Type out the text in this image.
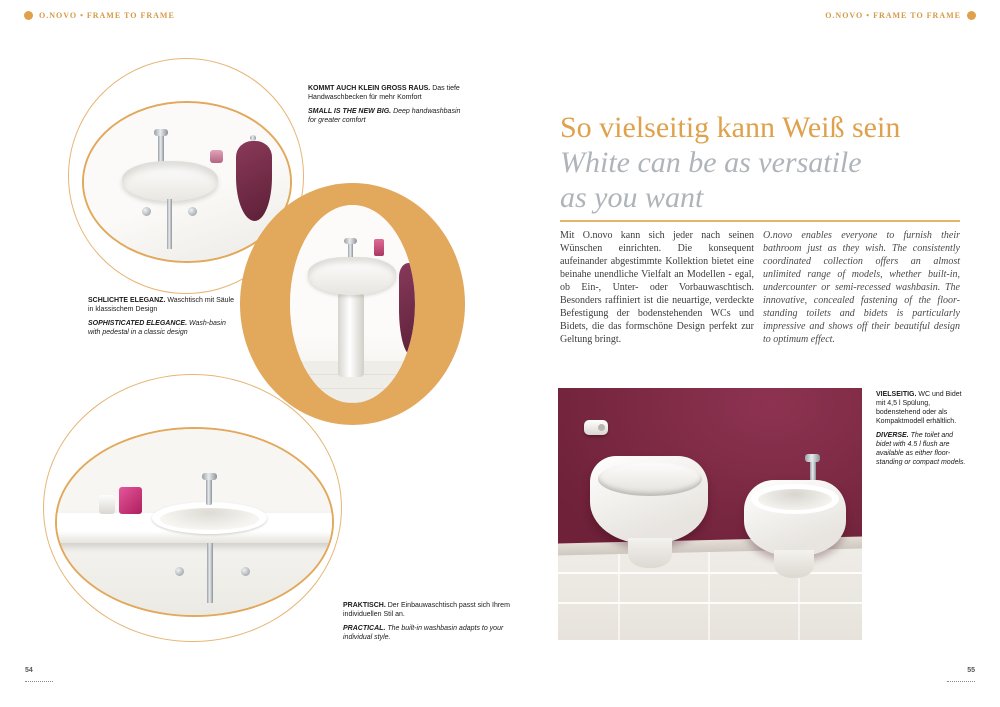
O.NOVO • FRAME TO FRAME	O.NOVO • FRAME TO FRAME

KOMMT AUCH KLEIN GROSS RAUS. Das tiefe Handwaschbecken für mehr Komfort

SMALL IS THE NEW BIG. Deep handwashbasin for greater comfort

SCHLICHTE ELEGANZ. Waschtisch mit Säule in klassischem Design

SOPHISTICATED ELEGANCE. Wash-basin with pedestal in a classic design

PRAKTISCH. Der Einbauwaschtisch passt sich Ihrem individuellen Stil an.

PRACTICAL. The built-in washbasin adapts to your individual style.

So vielseitig kann Weiß sein
White can be as versatile
as you want
Mit O.novo kann sich jeder nach seinen Wünschen einrichten. Die konsequent aufeinander abgestimmte Kollektion bietet eine beinahe unendliche Vielfalt an Modellen - egal, ob Ein-, Unter- oder Vorbauwaschtisch. Besonders raffiniert ist die neuartige, verdeckte Befestigung der bodenstehenden WCs und Bidets, die das formschöne Design perfekt zur Geltung bringt.
O.novo enables everyone to furnish their bathroom just as they wish. The consistently coordinated collection offers an almost unlimited range of models, whether built-in, undercounter or semi-recessed washbasin. The innovative, concealed fastening of the floor-standing toilets and bidets is particularly impressive and shows off their beautiful design to optimum effect.

VIELSEITIG. WC und Bidet mit 4,5 l Spülung, bodenstehend oder als Kompaktmodell erhältlich.

DIVERSE. The toilet and bidet with 4.5 l flush are available as either floor-standing or compact models.

54	55
